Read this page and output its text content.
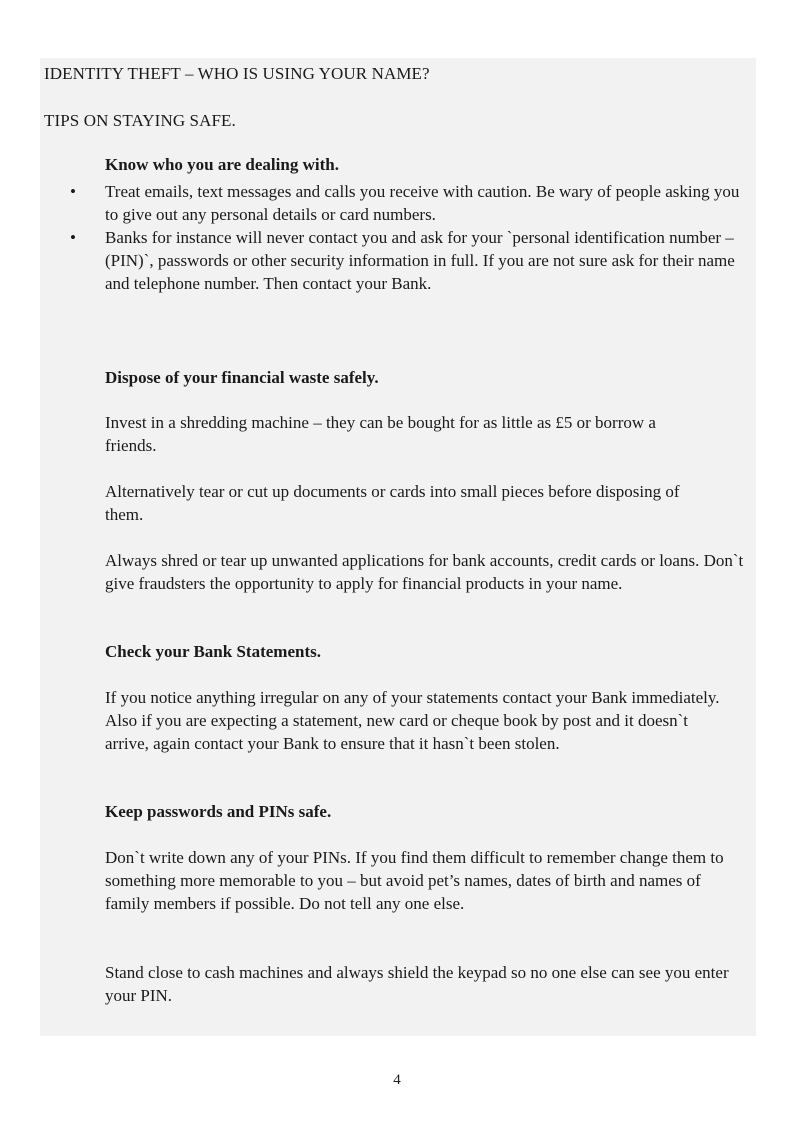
IDENTITY THEFT – WHO IS USING YOUR NAME?
TIPS ON STAYING SAFE.
Know who you are dealing with.
• Treat emails, text messages and calls you receive with caution. Be wary of people asking you to give out any personal details or card numbers.
• Banks for instance will never contact you and ask for your `personal identification number – (PIN)`, passwords or other security information in full. If you are not sure ask for their name and telephone number. Then contact your Bank.
Dispose of your financial waste safely.

Invest in a shredding machine – they can be bought for as little as £5 or borrow a friends.

Alternatively tear or cut up documents or cards into small pieces before disposing of them.

Always shred or tear up unwanted applications for bank accounts, credit cards or loans. Don`t give fraudsters the opportunity to apply for financial products in your name.

Check your Bank Statements.

If you notice anything irregular on any of your statements contact your Bank immediately. Also if you are expecting a statement, new card or cheque book by post and it doesn`t arrive, again contact your Bank to ensure that it hasn`t been stolen.

Keep passwords and PINs safe.

Don`t write down any of your PINs. If you find them difficult to remember change them to something more memorable to you – but avoid pet’s names, dates of birth and names of family members if possible. Do not tell any one else.

Stand close to cash machines and always shield the keypad so no one else can see you enter your PIN.

4
